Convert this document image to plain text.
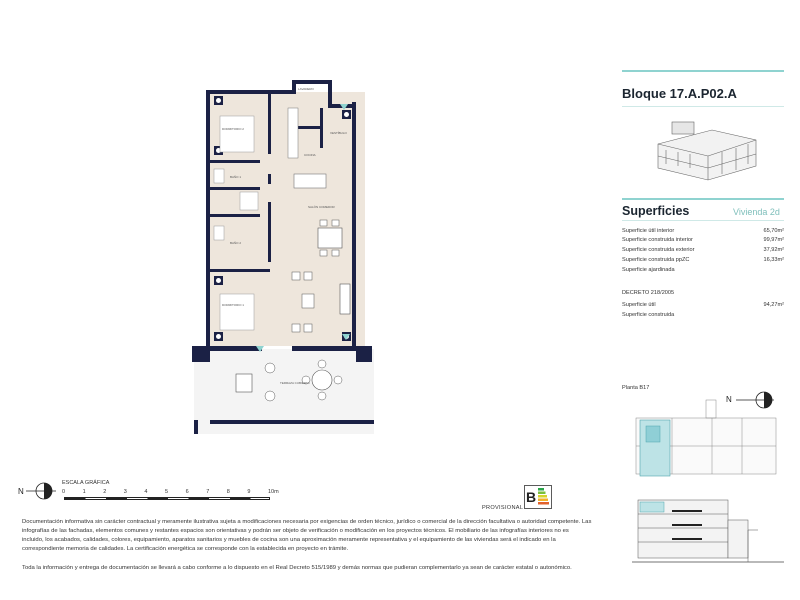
DORMITORIO 2
BAÑO 1
BAÑO 2
DORMITORIO 1
COCINA
SALÓN COMEDOR
VESTÍBULO
LAVADERO
TERRAZA CUBIERTA
Bloque 17.A.P02.A
Superficies	Vivienda 2d
Superficie útil interior	65,70m²
Superficie construida interior	99,97m²
Superficie construida exterior	37,92m²
Superficie construida ppZC	16,33m²
Superficie ajardinada
DECRETO 218/2005
Superficie útil	94,27m²
Superficie construida
Planta B17
N
N
ESCALA GRÁFICA
0	1	2	3	4	5	6	7	8	9	10m
PROVISIONAL
B
Documentación informativa sin carácter contractual y meramente ilustrativa sujeta a modificaciones necesaria por exigencias de orden técnico, jurídico o comercial de la dirección facultativa o autoridad competente. Las infografías de las fachadas, elementos comunes y restantes espacios son orientativas y podrán ser objeto de verificación o modificación en los proyectos técnicos. El mobiliario de las infografías interiores no es incluido, los acabados, calidades, colores, equipamiento, aparatos sanitarios y muebles de cocina son una aproximación meramente representativa y el equipamiento de las viviendas será el indicado en la correspondiente memoria de calidades. La certificación energética se corresponde con la establecida en proyecto en trámite.
Toda la información y entrega de documentación se llevará a cabo conforme a lo dispuesto en el Real Decreto 515/1989 y demás normas que pudieran complementarlo ya sean de carácter estatal o autonómico.
